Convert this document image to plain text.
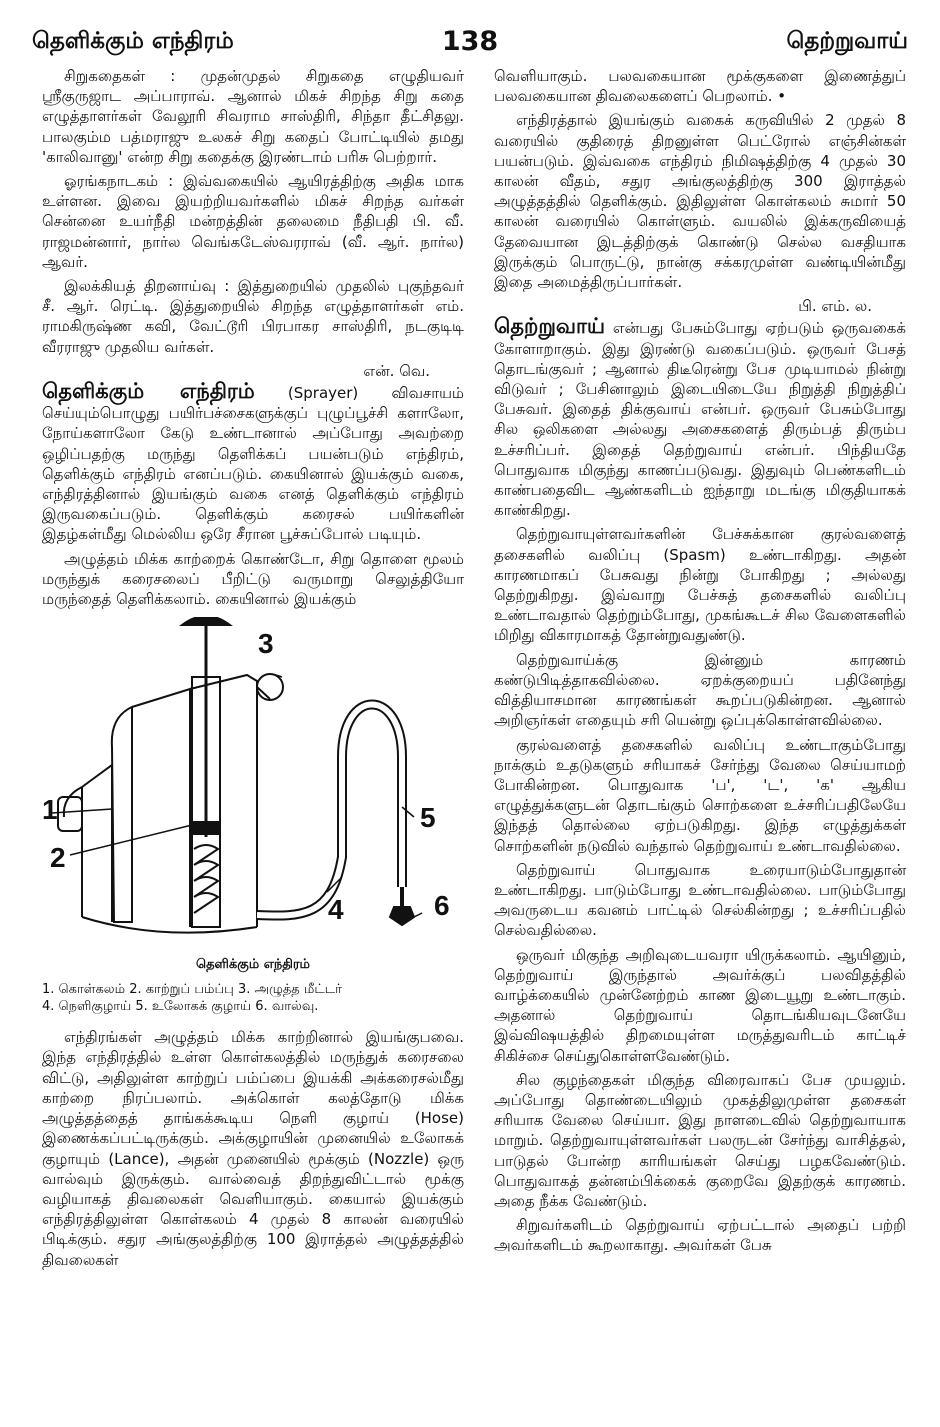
தெளிக்கும் எந்திரம்	138	தெற்றுவாய்

சிறுகதைகள் : முதன்முதல் சிறுகதை எழுதியவர் ஸ்ரீகுருஜாட அப்பாராவ். ஆனால் மிகச் சிறந்த சிறு கதை எழுத்தாளர்கள் வேலூரி சிவராம சாஸ்திரி, சிந்தா தீட்சிதலு. பாலகும்ம பத்மராஜு உலகச் சிறு கதைப் போட்டியில் தமது 'காலிவானு' என்ற சிறு கதைக்கு இரண்டாம் பரிசு பெற்றார்.

ஓரங்கநாடகம் : இவ்வகையில் ஆயிரத்திற்கு அதிக மாக உள்ளன. இவை இயற்றியவர்களில் மிகச் சிறந்த வர்கள் சென்னை உயர்நீதி மன்றத்தின் தலைமை நீதிபதி பி. வீ. ராஜமன்னார், நார்ல வெங்கடேஸ்வரராவ் (வீ. ஆர். நார்ல) ஆவர்.

இலக்கியத் திறனாய்வு : இத்துறையில் முதலில் புகுந்தவர் சீ. ஆர். ரெட்டி. இத்துறையில் சிறந்த எழுத்தாளர்கள் எம். ராமகிருஷ்ண கவி, வேட்டூரி பிரபாகர சாஸ்திரி, நடகுடிடி வீரராஜு முதலிய வர்கள்.

என். வெ.

தெளிக்கும் எந்திரம் (Sprayer) விவசாயம் செய்யும்பொழுது பயிர்பச்சைகளுக்குப் புழுப்பூச்சி களாலோ, நோய்களாலோ கேடு உண்டானால் அப்போது அவற்றை ஒழிப்பதற்கு மருந்து தெளிக்கப் பயன்படும் எந்திரம், தெளிக்கும் எந்திரம் எனப்படும். கையினால் இயக்கும் வகை, எந்திரத்தினால் இயங்கும் வகை எனத் தெளிக்கும் எந்திரம் இருவகைப்படும். தெளிக்கும் கரைசல் பயிர்களின் இதழ்கள்மீது மெல்லிய ஒரே சீரான பூச்சுப்போல் படியும்.

அழுத்தம் மிக்க காற்றைக் கொண்டோ, சிறு தொளை மூலம் மருந்துக் கரைசலைப் பீறிட்டு வருமாறு செலுத்தியோ மருந்தைத் தெளிக்கலாம். கையினால் இயக்கும்

1
2
3
4
5
6
தெளிக்கும் எந்திரம்
1. கொள்கலம் 2. காற்றுப் பம்ப்பு 3. அழுத்த மீட்டர்
4. நெளிகுழாய் 5. உலோகக் குழாய் 6. வால்வு.

எந்திரங்கள் அழுத்தம் மிக்க காற்றினால் இயங்குபவை. இந்த எந்திரத்தில் உள்ள கொள்கலத்தில் மருந்துக் கரைசலை விட்டு, அதிலுள்ள காற்றுப் பம்ப்பை இயக்கி அக்கரைசல்மீது காற்றை நிரப்பலாம். அக்கொள் கலத்தோடு மிக்க அழுத்தத்தைத் தாங்கக்கூடிய நெளி குழாய் (Hose) இணைக்கப்பட்டிருக்கும். அக்குழாயின் முனையில் உலோகக் குழாயும் (Lance), அதன் முனையில் மூக்கும் (Nozzle) ஒரு வால்வும் இருக்கும். வால்வைத் திறந்துவிட்டால் மூக்கு வழியாகத் திவலைகள் வெளியாகும். கையால் இயக்கும் எந்திரத்திலுள்ள கொள்கலம் 4 முதல் 8 காலன் வரையில் பிடிக்கும். சதுர அங்குலத்திற்கு 100 இராத்தல் அழுத்தத்தில் திவலைகள்

வெளியாகும். பலவகையான மூக்குகளை இணைத்துப் பலவகையான திவலைகளைப் பெறலாம். •

எந்திரத்தால் இயங்கும் வகைக் கருவியில் 2 முதல் 8 வரையில் குதிரைத் திறனுள்ள பெட்ரோல் எஞ்சின்கள் பயன்படும். இவ்வகை எந்திரம் நிமிஷத்திற்கு 4 முதல் 30 காலன் வீதம், சதுர அங்குலத்திற்கு 300 இராத்தல் அழுத்தத்தில் தெளிக்கும். இதிலுள்ள கொள்கலம் சுமார் 50 காலன் வரையில் கொள்ளும். வயலில் இக்கருவியைத் தேவையான இடத்திற்குக் கொண்டு செல்ல வசதியாக இருக்கும் பொருட்டு, நான்கு சக்கரமுள்ள வண்டியின்மீது இதை அமைத்திருப்பார்கள்.

பி. எம். ல.

தெற்றுவாய் என்பது பேசும்போது ஏற்படும் ஒருவகைக் கோளாறாகும். இது இரண்டு வகைப்படும். ஒருவர் பேசத் தொடங்குவர் ; ஆனால் திடீரென்று பேச முடியாமல் நின்று விடுவர் ; பேசினாலும் இடையிடையே நிறுத்தி நிறுத்திப் பேசுவர். இதைத் திக்குவாய் என்பர். ஒருவர் பேசும்போது சில ஒலிகளை அல்லது அசைகளைத் திரும்பத் திரும்ப உச்சரிப்பர். இதைத் தெற்றுவாய் என்பர். பிந்தியதே பொதுவாக மிகுந்து காணப்படுவது. இதுவும் பெண்களிடம் காண்பதைவிட ஆண்களிடம் ஐந்தாறு மடங்கு மிகுதியாகக் காண்கிறது.

தெற்றுவாயுள்ளவர்களின் பேச்சுக்கான குரல்வளைத் தசைகளில் வலிப்பு (Spasm) உண்டாகிறது. அதன் காரணமாகப் பேசுவது நின்று போகிறது ; அல்லது தெற்றுகிறது. இவ்வாறு பேச்சுத் தசைகளில் வலிப்பு உண்டாவதால் தெற்றும்போது, முகங்கூடச் சில வேளைகளில் மிறிது விகாரமாகத் தோன்றுவதுண்டு.

தெற்றுவாய்க்கு இன்னும் காரணம் கண்டுபிடித்தாகவில்லை. ஏறக்குறையப் பதினேந்து வித்தியாசமான காரணங்கள் கூறப்படுகின்றன. ஆனால் அறிஞர்கள் எதையும் சரி யென்று ஒப்புக்கொள்ளவில்லை.

குரல்வளைத் தசைகளில் வலிப்பு உண்டாகும்போது நாக்கும் உதடுகளும் சரியாகச் சேர்ந்து வேலை செய்யாமற் போகின்றன. பொதுவாக 'ப', 'ட', 'க' ஆகிய எழுத்துக்களுடன் தொடங்கும் சொற்களை உச்சரிப்பதிலேயே இந்தத் தொல்லை ஏற்படுகிறது. இந்த எழுத்துக்கள் சொற்களின் நடுவில் வந்தால் தெற்றுவாய் உண்டாவதில்லை.

தெற்றுவாய் பொதுவாக உரையாடும்போதுதான் உண்டாகிறது. பாடும்போது உண்டாவதில்லை. பாடும்போது அவருடைய கவனம் பாட்டில் செல்கின்றது ; உச்சரிப்பதில் செல்வதில்லை.

ஒருவர் மிகுந்த அறிவுடையவரா யிருக்கலாம். ஆயினும், தெற்றுவாய் இருந்தால் அவர்க்குப் பலவிதத்தில் வாழ்க்கையில் முன்னேற்றம் காண இடையூறு உண்டாகும். அதனால் தெற்றுவாய் தொடங்கியவுடனேயே இவ்விஷயத்தில் திறமையுள்ள மருத்துவரிடம் காட்டிச் சிகிச்சை செய்துகொள்ளவேண்டும்.

சில குழந்தைகள் மிகுந்த விரைவாகப் பேச முயலும். அப்போது தொண்டையிலும் முகத்திலுமுள்ள தசைகள் சரியாக வேலை செய்யா. இது நாளடைவில் தெற்றுவாயாக மாறும். தெற்றுவாயுள்ளவர்கள் பலருடன் சேர்ந்து வாசித்தல், பாடுதல் போன்ற காரியங்கள் செய்து பழகவேண்டும். பொதுவாகத் தன்னம்பிக்கைக் குறைவே இதற்குக் காரணம். அதை நீக்க வேண்டும்.

சிறுவர்களிடம் தெற்றுவாய் ஏற்பட்டால் அதைப் பற்றி அவர்களிடம் கூறலாகாது. அவர்கள் பேசு
